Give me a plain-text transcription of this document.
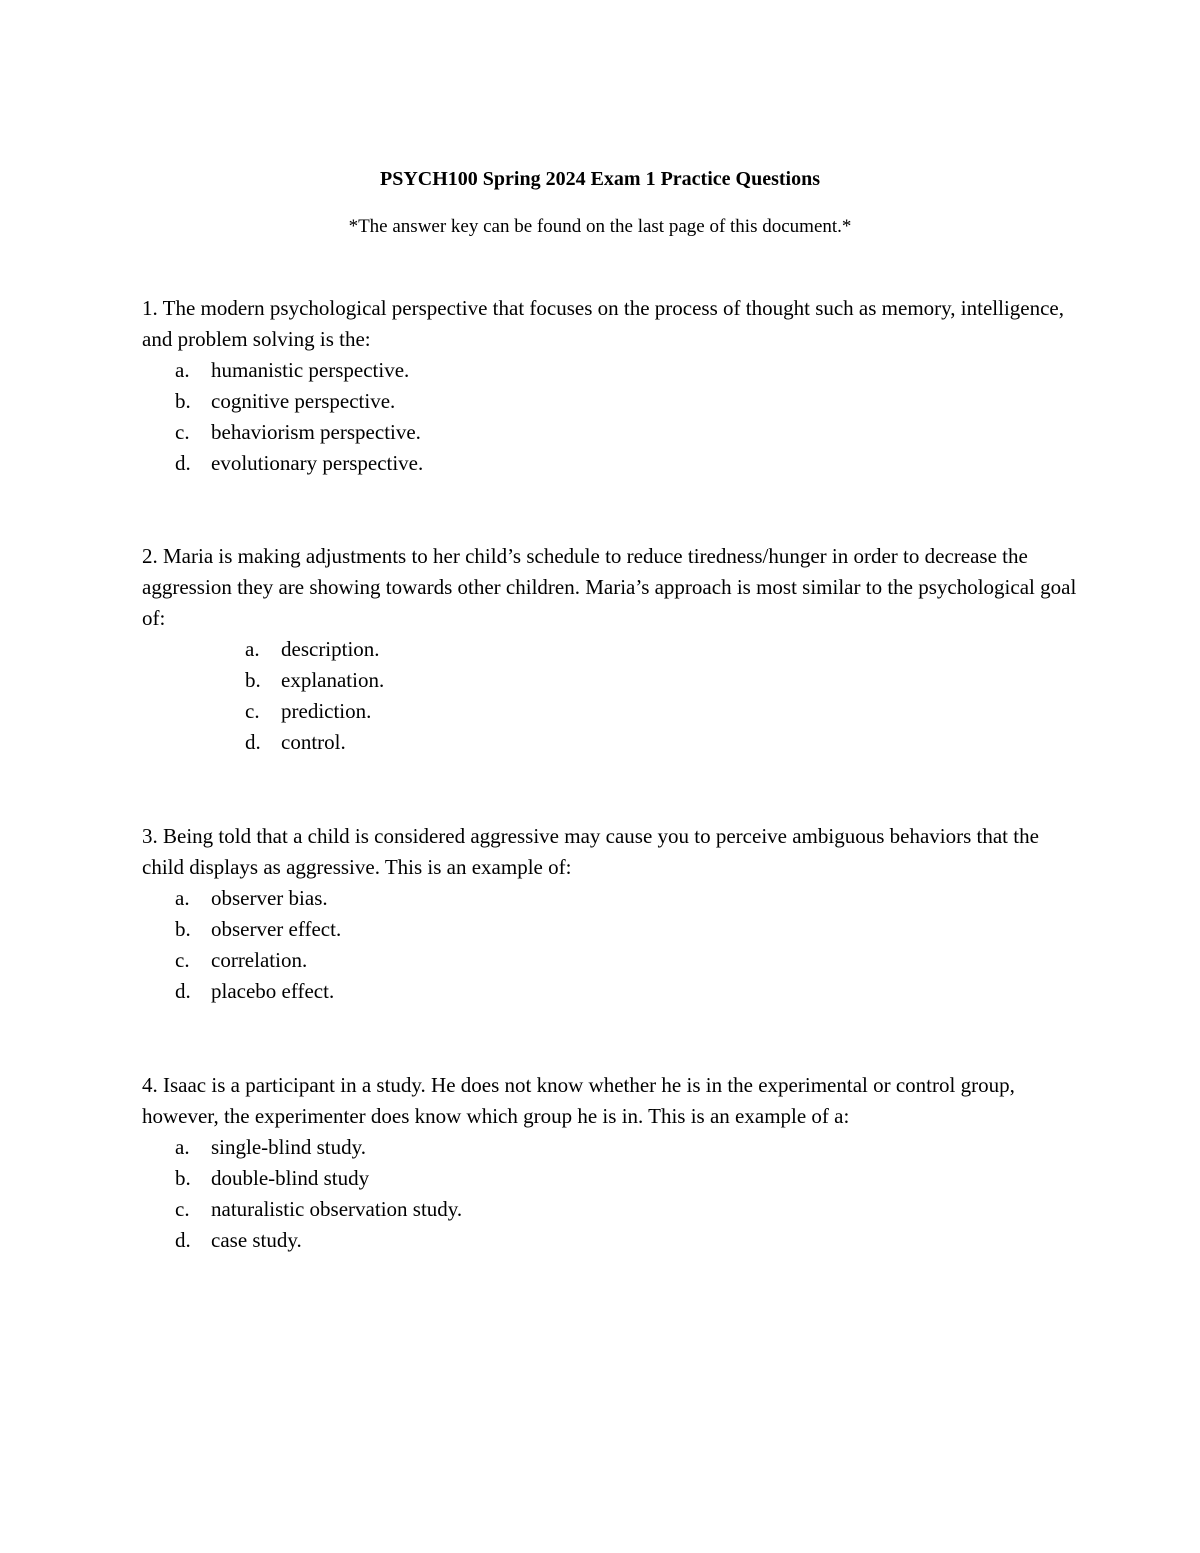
PSYCH100 Spring 2024 Exam 1 Practice Questions
*The answer key can be found on the last page of this document.*

1. The modern psychological perspective that focuses on the process of thought such as memory, intelligence, and problem solving is the:

a. humanistic perspective.
b. cognitive perspective.
c. behaviorism perspective.
d. evolutionary perspective.

2. Maria is making adjustments to her child’s schedule to reduce tiredness/hunger in order to decrease the aggression they are showing towards other children. Maria’s approach is most similar to the psychological goal of:

a. description.
b. explanation.
c. prediction.
d. control.

3. Being told that a child is considered aggressive may cause you to perceive ambiguous behaviors that the child displays as aggressive. This is an example of:

a. observer bias.
b. observer effect.
c. correlation.
d. placebo effect.

4. Isaac is a participant in a study. He does not know whether he is in the experimental or control group, however, the experimenter does know which group he is in. This is an example of a:

a. single-blind study.
b. double-blind study
c. naturalistic observation study.
d. case study.
